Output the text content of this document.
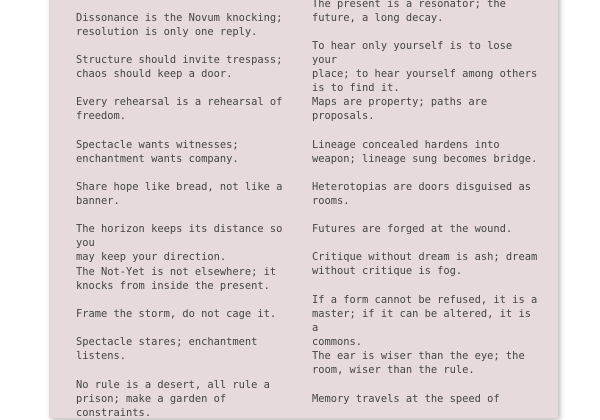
Dissonance is the Novum knocking;
resolution is only one reply.

Structure should invite trespass;
chaos should keep a door.

Every rehearsal is a rehearsal of
freedom.

Spectacle wants witnesses;
enchantment wants company.

Share hope like bread, not like a
banner.

The horizon keeps its distance so you
may keep your direction.

The Not-Yet is not elsewhere; it
knocks from inside the present.

Frame the storm, do not cage it.

Spectacle stares; enchantment
listens.

No rule is a desert, all rule a
prison; make a garden of constraints.

The present is a resonator; the
future, a long decay.

To hear only yourself is to lose your
place; to hear yourself among others
is to find it.

Maps are property; paths are
proposals.

Lineage concealed hardens into
weapon; lineage sung becomes bridge.

Heterotopias are doors disguised as
rooms.

Futures are forged at the wound.

Critique without dream is ash; dream
without critique is fog.

If a form cannot be refused, it is a
master; if it can be altered, it is a
commons.

The ear is wiser than the eye; the
room, wiser than the rule.

Memory travels at the speed of
